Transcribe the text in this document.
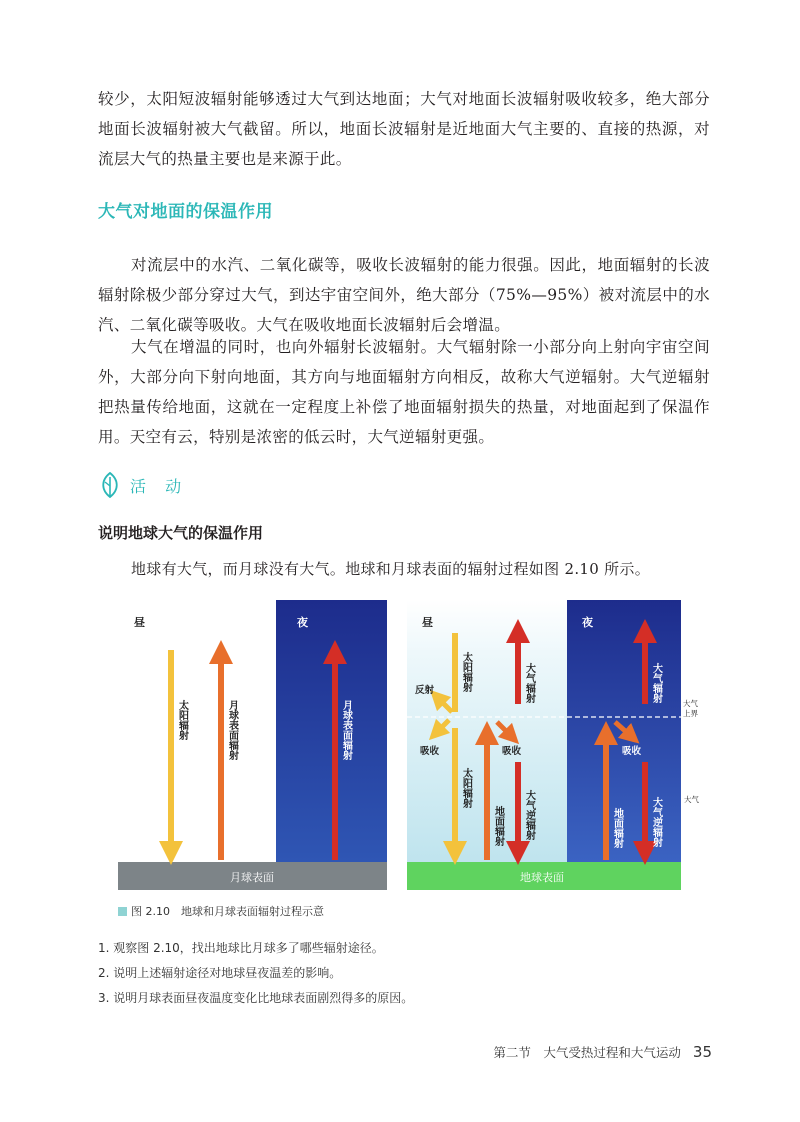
较少，太阳短波辐射能够透过大气到达地面；大气对地面长波辐射吸收较多，绝大部分地面长波辐射被大气截留。所以，地面长波辐射是近地面大气主要的、直接的热源，对流层大气的热量主要也是来源于此。

大气对地面的保温作用

对流层中的水汽、二氧化碳等，吸收长波辐射的能力很强。因此，地面辐射的长波辐射除极少部分穿过大气，到达宇宙空间外，绝大部分（75%—95%）被对流层中的水汽、二氧化碳等吸收。大气在吸收地面长波辐射后会增温。

大气在增温的同时，也向外辐射长波辐射。大气辐射除一小部分向上射向宇宙空间外，大部分向下射向地面，其方向与地面辐射方向相反，故称大气逆辐射。大气逆辐射把热量传给地面，这就在一定程度上补偿了地面辐射损失的热量，对地面起到了保温作用。天空有云，特别是浓密的低云时，大气逆辐射更强。

活 动

说明地球大气的保温作用

地球有大气，而月球没有大气。地球和月球表面的辐射过程如图 2.10 所示。

月球表面
昼	夜
太阳辐射	月球表面辐射	月球表面辐射
地球表面
昼	夜
大气
上界
大气
太阳辐射
反射
吸收
太阳辐射
大气辐射
地面辐射
吸收
大气逆辐射
大气辐射
地面辐射
吸收
大气逆辐射
图 2.10　地球和月球表面辐射过程示意
1. 观察图 2.10，找出地球比月球多了哪些辐射途径。
2. 说明上述辐射途径对地球昼夜温差的影响。
3. 说明月球表面昼夜温度变化比地球表面剧烈得多的原因。
第二节　大气受热过程和大气运动 35
